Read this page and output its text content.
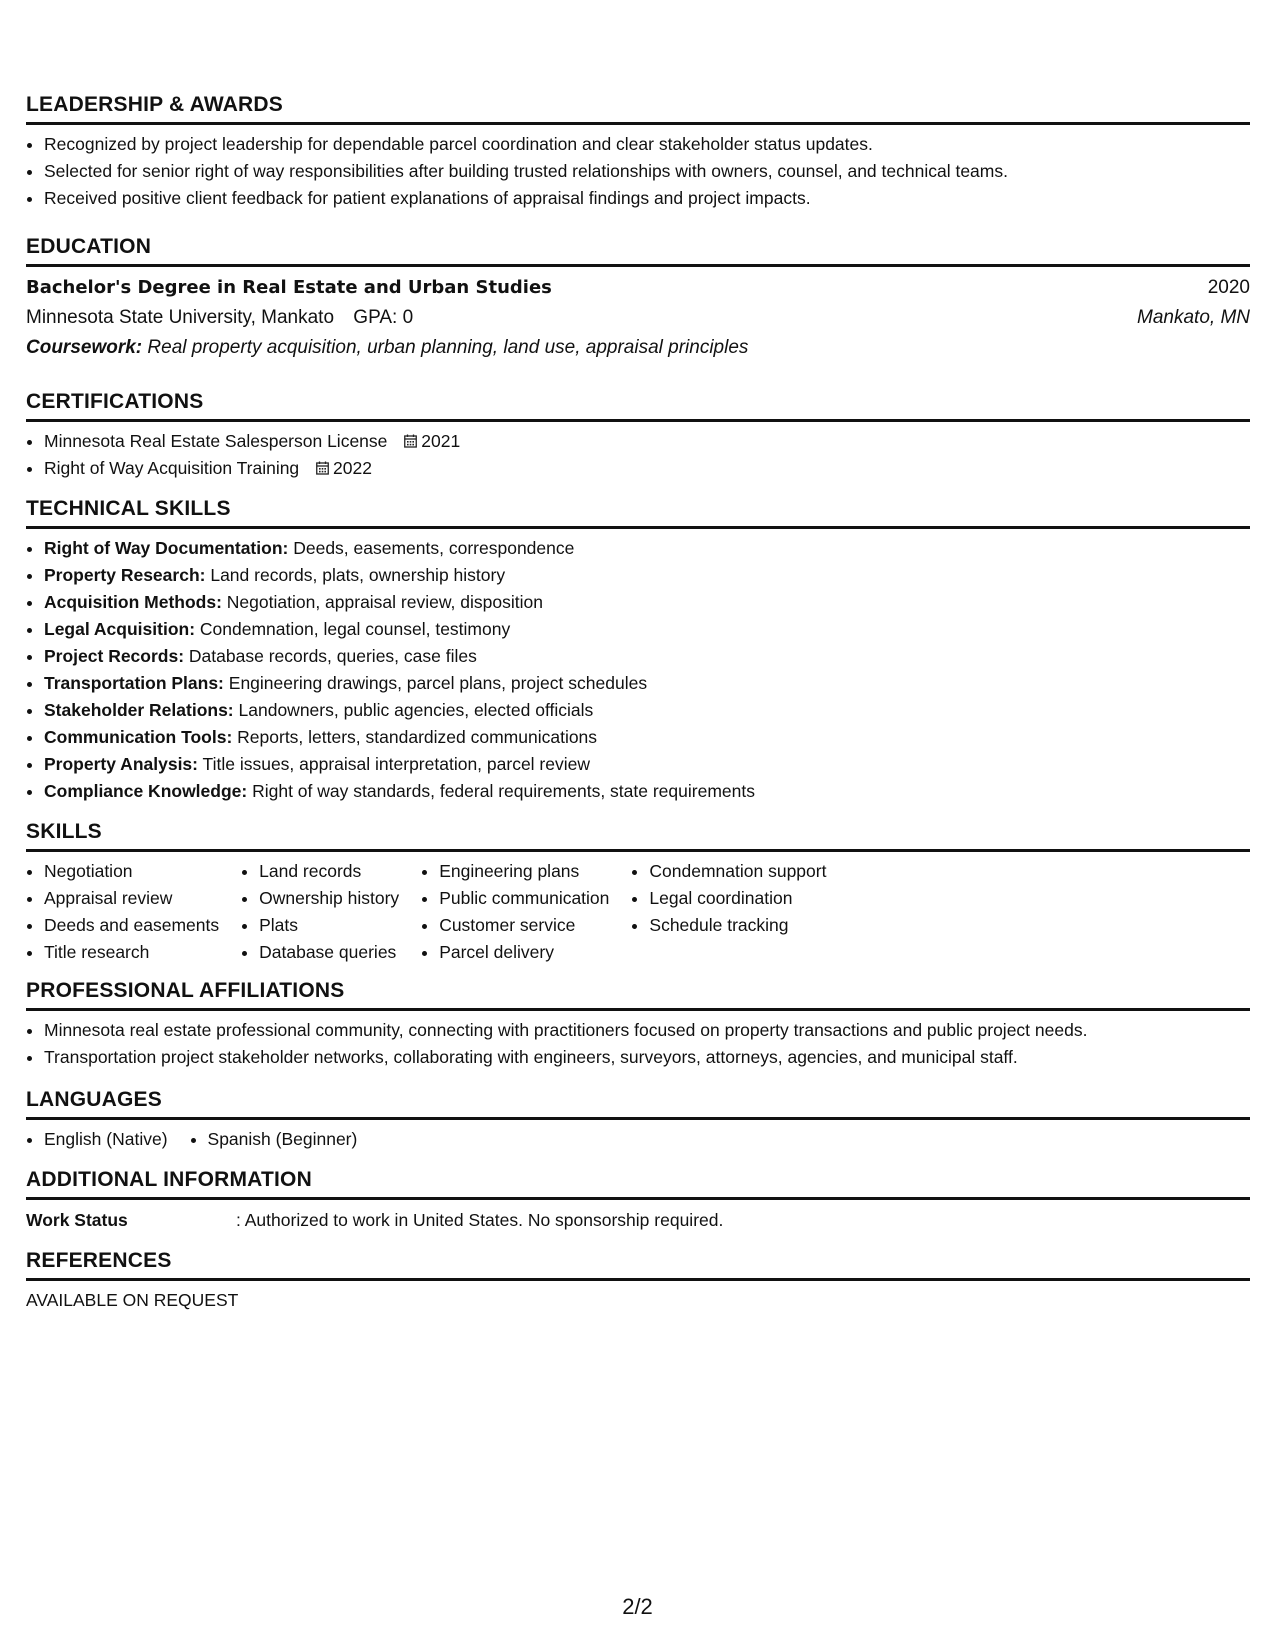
LEADERSHIP & AWARDS
• Recognized by project leadership for dependable parcel coordination and clear stakeholder status updates.
• Selected for senior right of way responsibilities after building trusted relationships with owners, counsel, and technical teams.
• Received positive client feedback for patient explanations of appraisal findings and project impacts.
EDUCATION
Bachelor's Degree in Real Estate and Urban Studies	2020
Minnesota State University, Mankato GPA: 0	Mankato, MN
Coursework: Real property acquisition, urban planning, land use, appraisal principles
CERTIFICATIONS
• Minnesota Real Estate Salesperson License 2021
• Right of Way Acquisition Training 2022
TECHNICAL SKILLS
• Right of Way Documentation: Deeds, easements, correspondence
• Property Research: Land records, plats, ownership history
• Acquisition Methods: Negotiation, appraisal review, disposition
• Legal Acquisition: Condemnation, legal counsel, testimony
• Project Records: Database records, queries, case files
• Transportation Plans: Engineering drawings, parcel plans, project schedules
• Stakeholder Relations: Landowners, public agencies, elected officials
• Communication Tools: Reports, letters, standardized communications
• Property Analysis: Title issues, appraisal interpretation, parcel review
• Compliance Knowledge: Right of way standards, federal requirements, state requirements
SKILLS
• Negotiation
• Appraisal review
• Deeds and easements
• Title research
• Land records
• Ownership history
• Plats
• Database queries
• Engineering plans
• Public communication
• Customer service
• Parcel delivery
• Condemnation support
• Legal coordination
• Schedule tracking
PROFESSIONAL AFFILIATIONS
• Minnesota real estate professional community, connecting with practitioners focused on property transactions and public project needs.
• Transportation project stakeholder networks, collaborating with engineers, surveyors, attorneys, agencies, and municipal staff.
LANGUAGES
• English (Native)
• Spanish (Beginner)
ADDITIONAL INFORMATION
Work Status	: Authorized to work in United States. No sponsorship required.
REFERENCES
AVAILABLE ON REQUEST
2/2
